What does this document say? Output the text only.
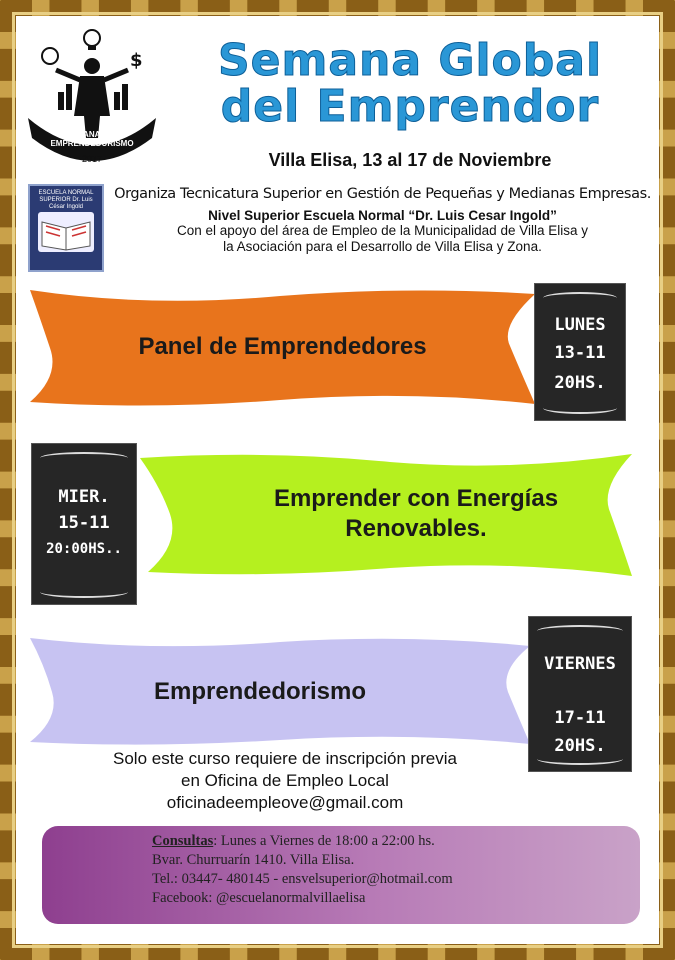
$
SEMANA DEL EMPRENDEDURISMO
2017
Semana Global
del Emprendor
Villa Elisa, 13 al 17 de Noviembre
ESCUELA NORMAL SUPERIOR Dr. Luis César Ingold
Organiza Tecnicatura Superior en Gestión de Pequeñas y Medianas Empresas.
Nivel Superior Escuela Normal “Dr. Luis Cesar Ingold”
Con el apoyo del área de Empleo de la Municipalidad de Villa Elisa y
la Asociación para el Desarrollo de Villa Elisa y Zona.
Panel de Emprendedores
LUNES
13-11
20HS.
MIER.
15-11
20:00HS..
Emprender con Energías Renovables.
Emprendedorismo
VIERNES
17-11
20HS.
Solo este curso requiere de inscripción previa
en Oficina de Empleo Local
oficinadeempleove@gmail.com
Consultas: Lunes a Viernes de 18:00 a 22:00 hs.
Bvar. Churruarín 1410. Villa Elisa.
Tel.: 03447- 480145 - ensvelsuperior@hotmail.com
Facebook: @escuelanormalvillaelisa
